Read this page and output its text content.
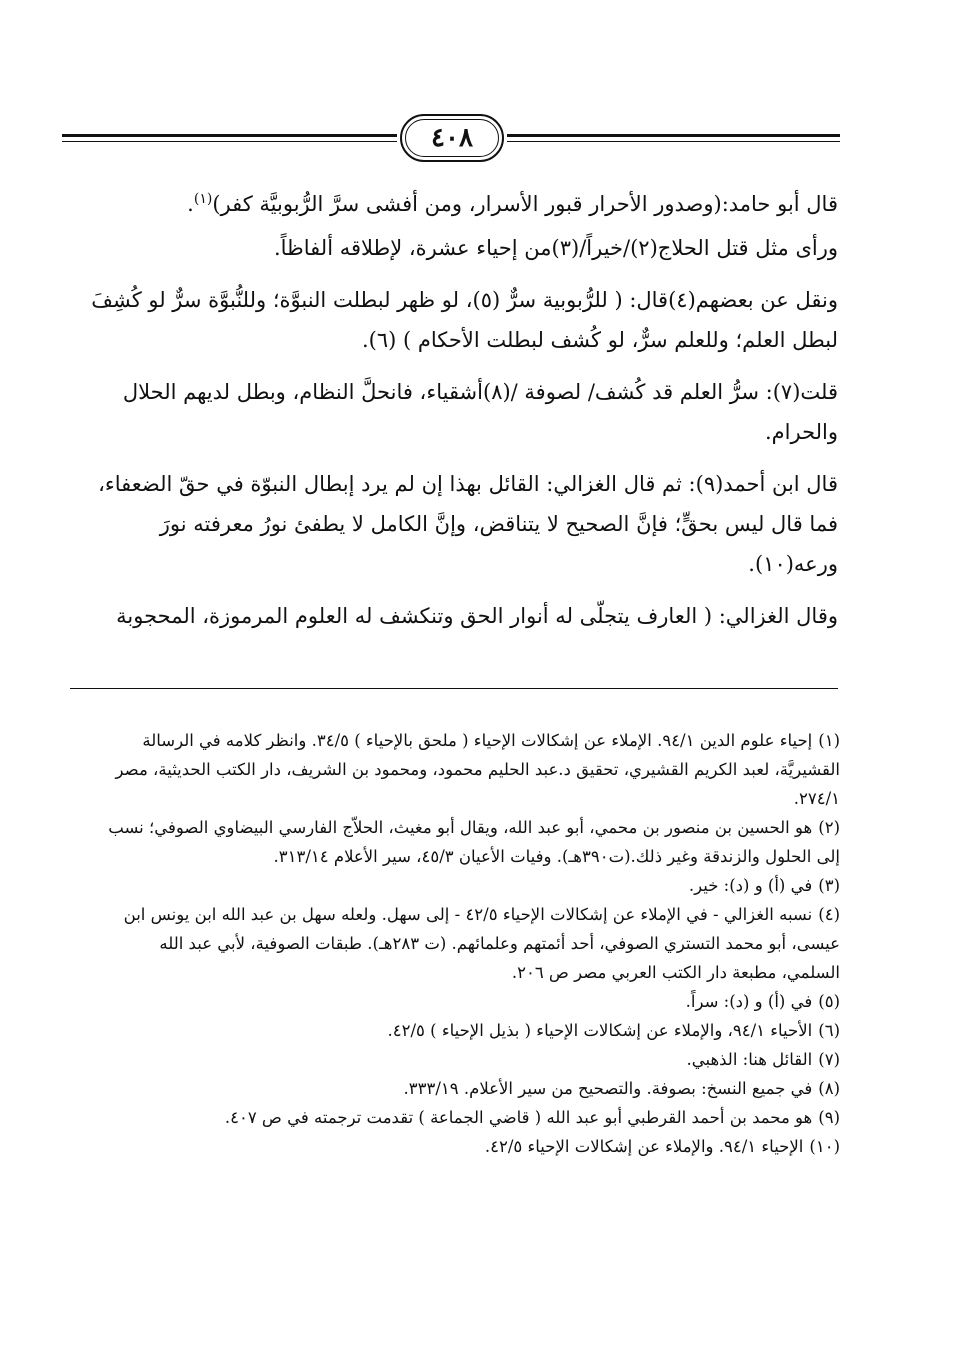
٤٠٨

قال أبو حامد:(وصدور الأحرار قبور الأسرار، ومن أفشى سرَّ الرُّبوبيَّة كفر)$^{(١)}$.

ورأى مثل قتل الحلاج(٢)/خيراً/(٣)من إحياء عشرة، لإطلاقه ألفاظاً.

ونقل عن بعضهم(٤)قال: ( للرُّبوبية سرٌّ (٥)، لو ظهر لبطلت النبوَّة؛ وللنُّبوَّة سرٌّ لو كُشِفَ لبطل العلم؛ وللعلم سرٌّ، لو كُشف لبطلت الأحكام ) (٦).

قلت(٧): سرُّ العلم قد كُشف/ لصوفة /(٨)أشقياء، فانحلَّ النظام، وبطل لديهم الحلال والحرام.

قال ابن أحمد(٩): ثم قال الغزالي: القائل بهذا إن لم يرد إبطال النبوّة في حقّ الضعفاء، فما قال ليس بحقٍّ؛ فإنَّ الصحيح لا يتناقض، وإنَّ الكامل لا يطفئ نورُ معرفته نورَ ورعه(١٠).

وقال الغزالي: ( العارف يتجلّى له أنوار الحق وتنكشف له العلوم المرموزة، المحجوبة

(١)إحياء علوم الدين ٩٤/١. الإملاء عن إشكالات الإحياء ( ملحق بالإحياء ) ٣٤/٥. وانظر كلامه في الرسالة القشيريَّة، لعبد الكريم القشيري، تحقيق د.عبد الحليم محمود، ومحمود بن الشريف، دار الكتب الحديثية، مصر ٢٧٤/١.

(٢)هو الحسين بن منصور بن محمي، أبو عبد الله، ويقال أبو مغيث، الحلاّج الفارسي البيضاوي الصوفي؛ نسب إلى الحلول والزندقة وغير ذلك.(ت٣٩٠هـ). وفيات الأعيان ٤٥/٣، سير الأعلام ٣١٣/١٤.

(٣)في (أ) و (د): خير.

(٤)نسبه الغزالي - في الإملاء عن إشكالات الإحياء ٤٢/٥ - إلى سهل. ولعله سهل بن عبد الله ابن يونس ابن عيسى، أبو محمد التستري الصوفي، أحد أئمتهم وعلمائهم. (ت ٢٨٣هـ). طبقات الصوفية، لأبي عبد الله السلمي، مطبعة دار الكتب العربي مصر ص ٢٠٦.

(٥)في (أ) و (د): سراً.

(٦)الأحياء ٩٤/١، والإملاء عن إشكالات الإحياء ( بذيل الإحياء ) ٤٢/٥.

(٧)القائل هنا: الذهبي.

(٨)في جميع النسخ: بصوفة. والتصحيح من سير الأعلام. ٣٣٣/١٩.

(٩)هو محمد بن أحمد القرطبي أبو عبد الله ( قاضي الجماعة ) تقدمت ترجمته في ص ٤٠٧.

(١٠)الإحياء ٩٤/١. والإملاء عن إشكالات الإحياء ٤٢/٥.
